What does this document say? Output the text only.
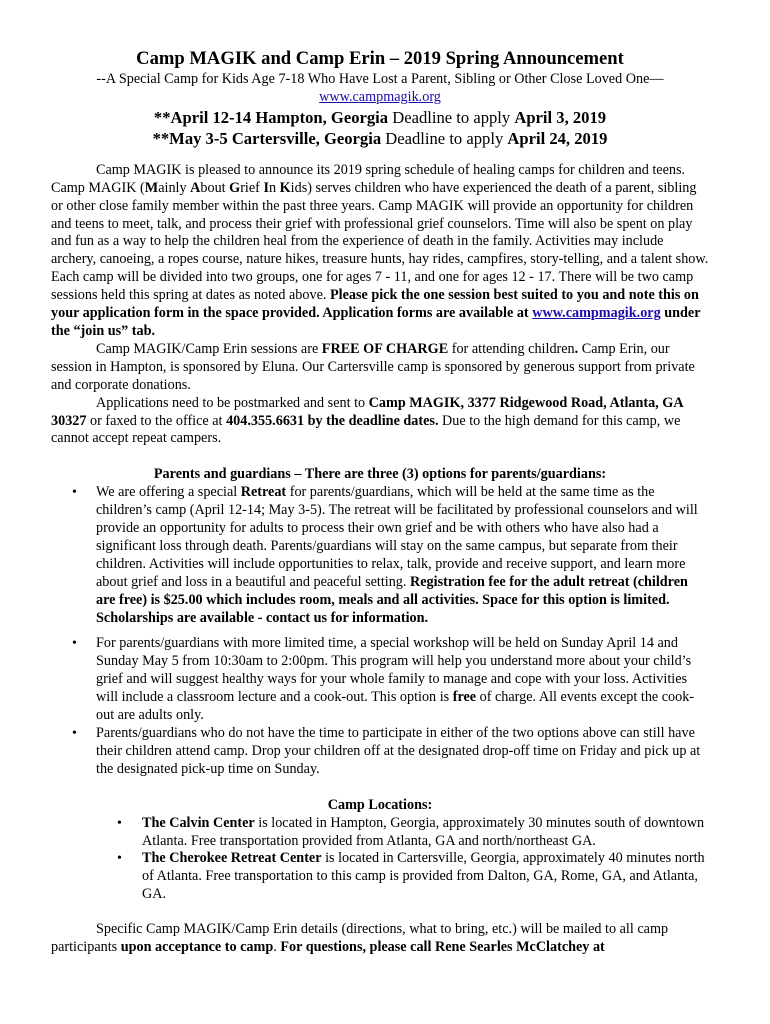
Camp MAGIK and Camp Erin – 2019 Spring Announcement
--A Special Camp for Kids Age 7-18 Who Have Lost a Parent, Sibling or Other Close Loved One—
www.campmagik.org
**April 12-14 Hampton, Georgia Deadline to apply April 3, 2019
**May 3-5 Cartersville, Georgia Deadline to apply April 24, 2019

Camp MAGIK is pleased to announce its 2019 spring schedule of healing camps for children and teens. Camp MAGIK (Mainly About Grief In Kids) serves children who have experienced the death of a parent, sibling or other close family member within the past three years. Camp MAGIK will provide an opportunity for children and teens to meet, talk, and process their grief with professional grief counselors. Time will also be spent on play and fun as a way to help the children heal from the experience of death in the family. Activities may include archery, canoeing, a ropes course, nature hikes, treasure hunts, hay rides, campfires, story-telling, and a talent show. Each camp will be divided into two groups, one for ages 7 - 11, and one for ages 12 - 17. There will be two camp sessions held this spring at dates as noted above. Please pick the one session best suited to you and note this on your application form in the space provided. Application forms are available at www.campmagik.org under the “join us” tab.

Camp MAGIK/Camp Erin sessions are FREE OF CHARGE for attending children. Camp Erin, our session in Hampton, is sponsored by Eluna. Our Cartersville camp is sponsored by generous support from private and corporate donations.

Applications need to be postmarked and sent to Camp MAGIK, 3377 Ridgewood Road, Atlanta, GA 30327 or faxed to the office at 404.355.6631 by the deadline dates. Due to the high demand for this camp, we cannot accept repeat campers.

Parents and guardians – There are three (3) options for parents/guardians:
• We are offering a special Retreat for parents/guardians, which will be held at the same time as the children’s camp (April 12-14; May 3-5). The retreat will be facilitated by professional counselors and will provide an opportunity for adults to process their own grief and be with others who have also had a significant loss through death. Parents/guardians will stay on the same campus, but separate from their children. Activities will include opportunities to relax, talk, provide and receive support, and learn more about grief and loss in a beautiful and peaceful setting. Registration fee for the adult retreat (children are free) is $25.00 which includes room, meals and all activities. Space for this option is limited. Scholarships are available - contact us for information.
• For parents/guardians with more limited time, a special workshop will be held on Sunday April 14 and Sunday May 5 from 10:30am to 2:00pm. This program will help you understand more about your child’s grief and will suggest healthy ways for your whole family to manage and cope with your loss. Activities will include a classroom lecture and a cook-out. This option is free of charge. All events except the cook-out are adults only.
• Parents/guardians who do not have the time to participate in either of the two options above can still have their children attend camp. Drop your children off at the designated drop-off time on Friday and pick up at the designated pick-up time on Sunday.
Camp Locations:
• The Calvin Center is located in Hampton, Georgia, approximately 30 minutes south of downtown Atlanta. Free transportation provided from Atlanta, GA and north/northeast GA.
• The Cherokee Retreat Center is located in Cartersville, Georgia, approximately 40 minutes north of Atlanta. Free transportation to this camp is provided from Dalton, GA, Rome, GA, and Atlanta, GA.

Specific Camp MAGIK/Camp Erin details (directions, what to bring, etc.) will be mailed to all camp participants upon acceptance to camp. For questions, please call Rene Searles McClatchey at
